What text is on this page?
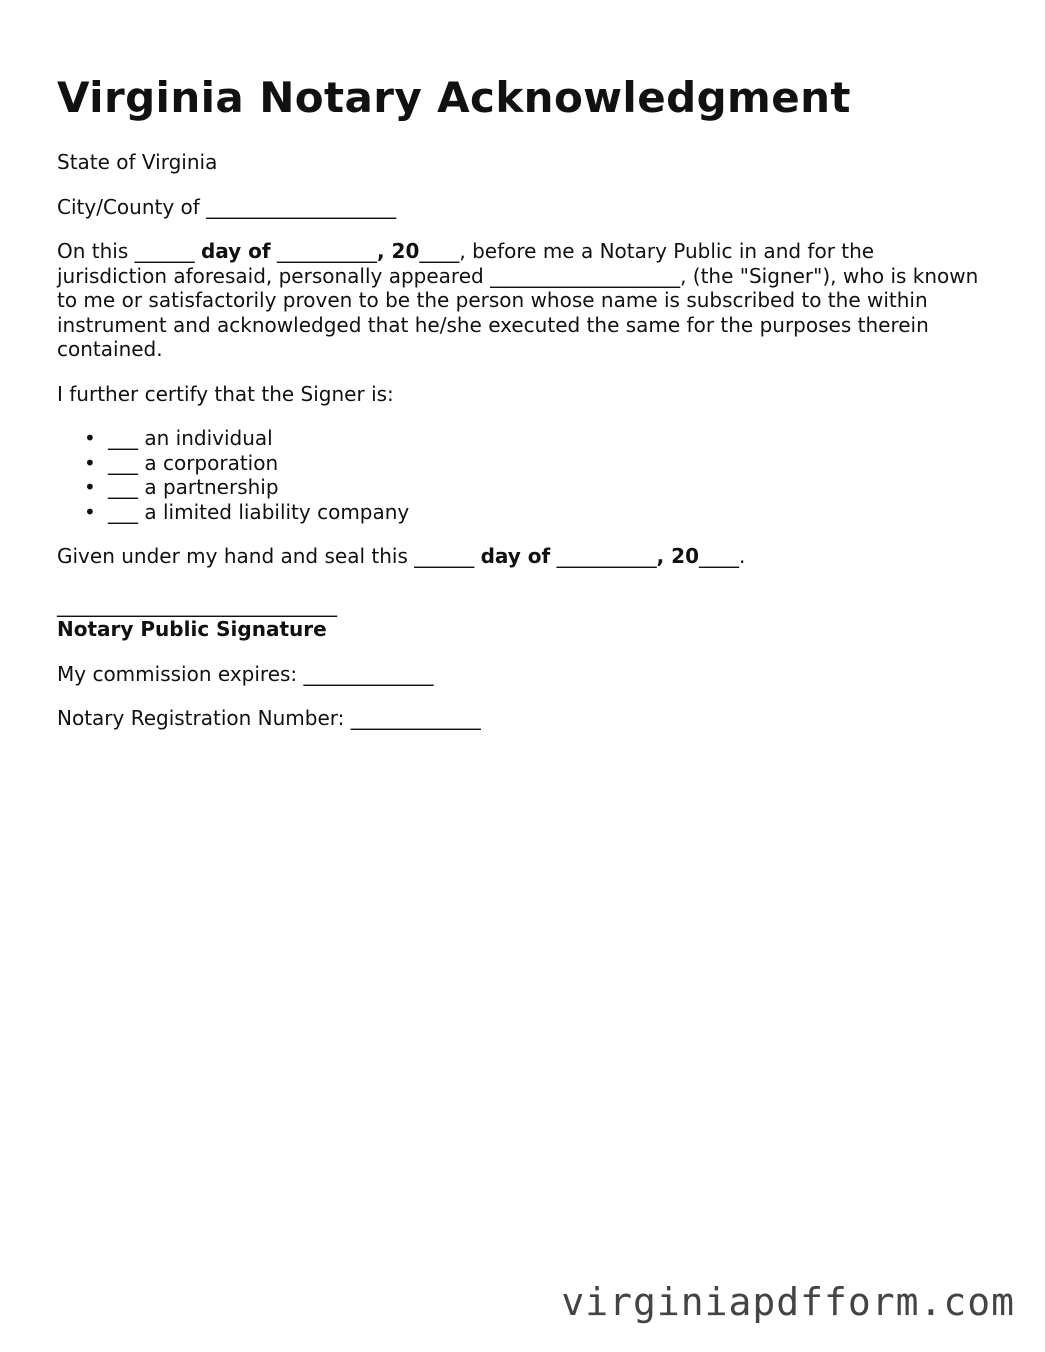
Virginia Notary Acknowledgment

State of Virginia

City/County of ___________________

On this ______ day of __________, 20____, before me a Notary Public in and for the jurisdiction aforesaid, personally appeared ___________________, (the "Signer"), who is known to me or satisfactorily proven to be the person whose name is subscribed to the within instrument and acknowledged that he/she executed the same for the purposes therein contained.

I further certify that the Signer is:

• ___ an individual
• ___ a corporation
• ___ a partnership
• ___ a limited liability company

Given under my hand and seal this ______ day of __________, 20____.

____________________________
Notary Public Signature

My commission expires: _____________

Notary Registration Number: _____________

virginiapdfform.com
